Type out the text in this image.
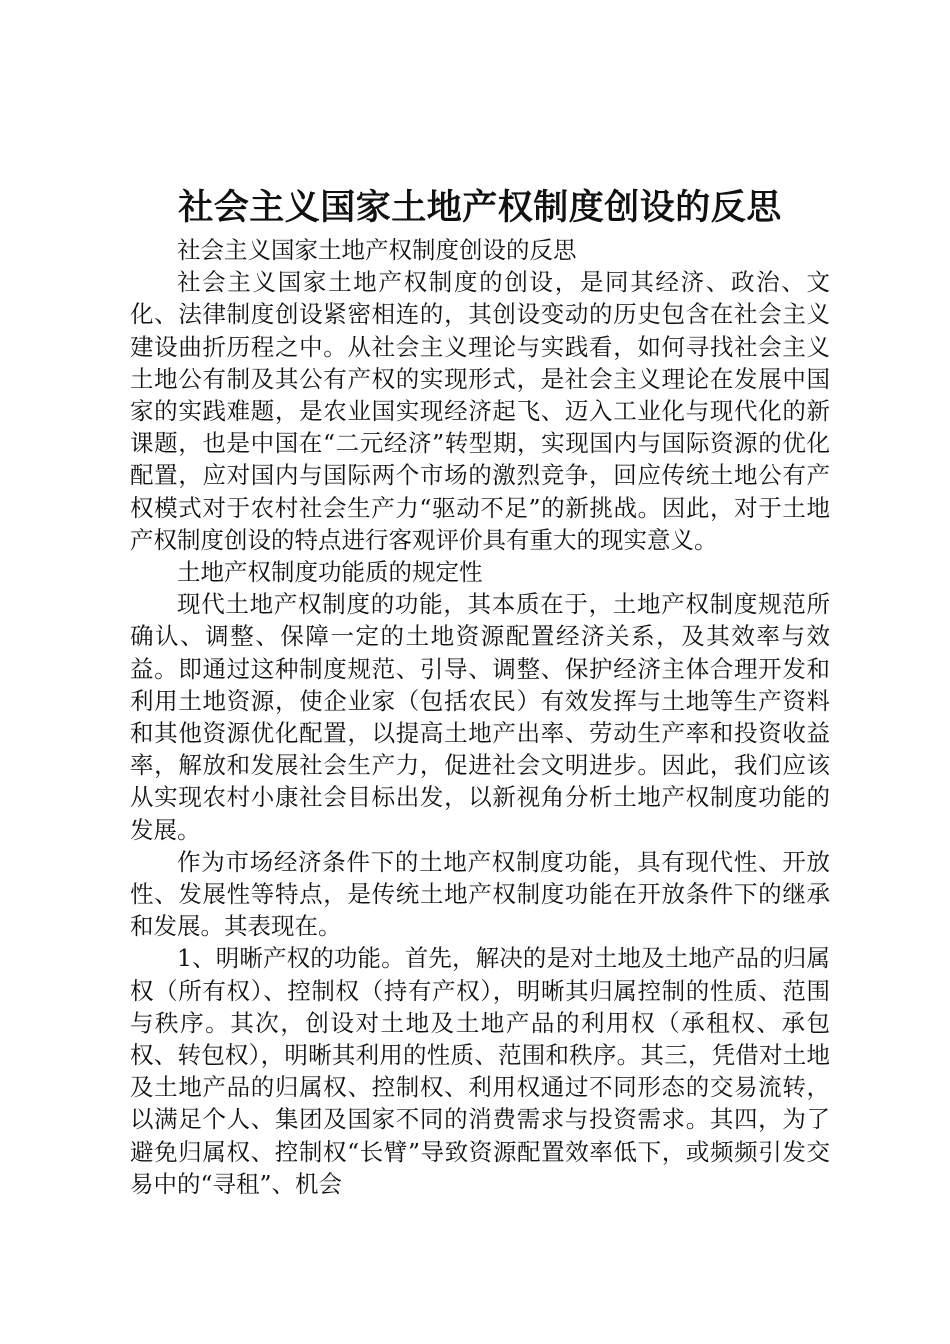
社会主义国家土地产权制度创设的反思

社会主义国家土地产权制度创设的反思

社会主义国家土地产权制度的创设，是同其经济、政治、文化、法律制度创设紧密相连的，其创设变动的历史包含在社会主义建设曲折历程之中。从社会主义理论与实践看，如何寻找社会主义土地公有制及其公有产权的实现形式，是社会主义理论在发展中国家的实践难题，是农业国实现经济起飞、迈入工业化与现代化的新课题，也是中国在“二元经济”转型期，实现国内与国际资源的优化配置，应对国内与国际两个市场的激烈竞争，回应传统土地公有产权模式对于农村社会生产力“驱动不足”的新挑战。因此，对于土地产权制度创设的特点进行客观评价具有重大的现实意义。

土地产权制度功能质的规定性

现代土地产权制度的功能，其本质在于，土地产权制度规范所确认、调整、保障一定的土地资源配置经济关系，及其效率与效益。即通过这种制度规范、引导、调整、保护经济主体合理开发和利用土地资源，使企业家（包括农民）有效发挥与土地等生产资料和其他资源优化配置，以提高土地产出率、劳动生产率和投资收益率，解放和发展社会生产力，促进社会文明进步。因此，我们应该从实现农村小康社会目标出发，以新视角分析土地产权制度功能的发展。

作为市场经济条件下的土地产权制度功能，具有现代性、开放性、发展性等特点，是传统土地产权制度功能在开放条件下的继承和发展。其表现在。

1、明晰产权的功能。首先，解决的是对土地及土地产品的归属权（所有权）、控制权（持有产权），明晰其归属控制的性质、范围与秩序。其次，创设对土地及土地产品的利用权（承租权、承包权、转包权），明晰其利用的性质、范围和秩序。其三，凭借对土地及土地产品的归属权、控制权、利用权通过不同形态的交易流转，以满足个人、集团及国家不同的消费需求与投资需求。其四，为了避免归属权、控制权“长臂”导致资源配置效率低下，或频频引发交易中的“寻租”、机会
